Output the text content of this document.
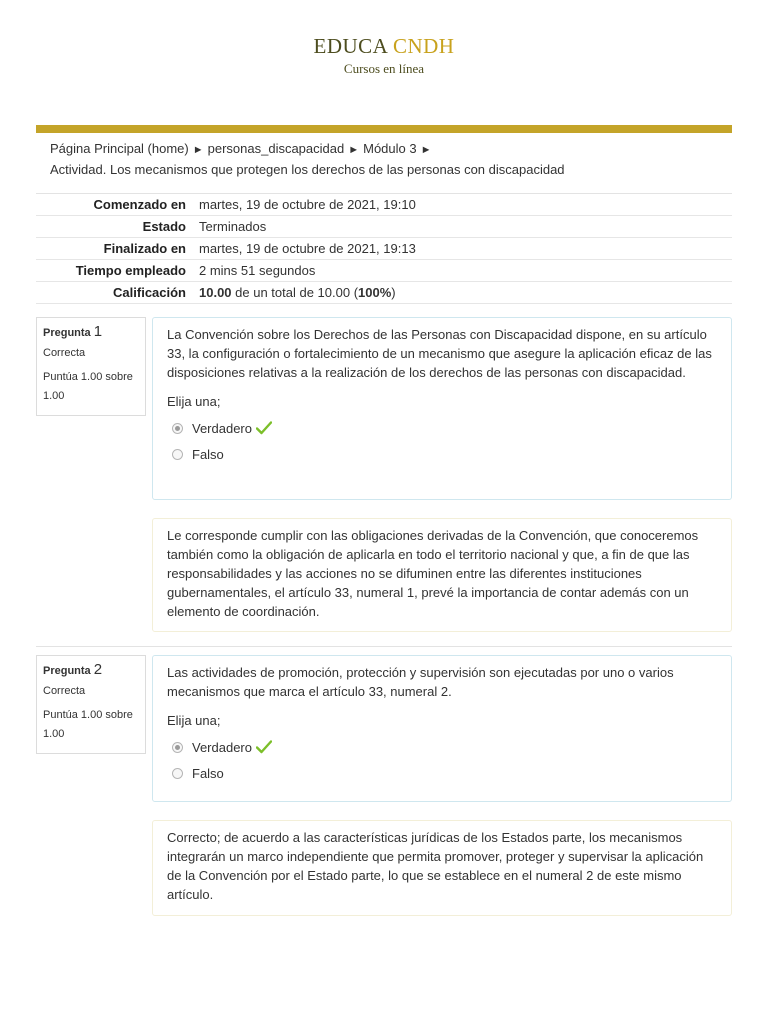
EDUCA CNDH
Cursos en línea
Página Principal (home) ► personas_discapacidad ► Módulo 3 ►
Actividad. Los mecanismos que protegen los derechos de las personas con discapacidad
Comenzado en	martes, 19 de octubre de 2021, 19:10
Estado	Terminados
Finalizado en	martes, 19 de octubre de 2021, 19:13
Tiempo empleado	2 mins 51 segundos
Calificación	10.00 de un total de 10.00 (100%)
Pregunta 1
Correcta
Puntúa 1.00 sobre 1.00
La Convención sobre los Derechos de las Personas con Discapacidad dispone, en su artículo 33, la configuración o fortalecimiento de un mecanismo que asegure la aplicación eficaz de las disposiciones relativas a la realización de los derechos de las personas con discapacidad.
Elija una;
Verdadero
Falso
Le corresponde cumplir con las obligaciones derivadas de la Convención, que conoceremos también como la obligación de aplicarla en todo el territorio nacional y que, a fin de que las responsabilidades y las acciones no se difuminen entre las diferentes instituciones gubernamentales, el artículo 33, numeral 1, prevé la importancia de contar además con un elemento de coordinación.
Pregunta 2
Correcta
Puntúa 1.00 sobre 1.00
Las actividades de promoción, protección y supervisión son ejecutadas por uno o varios mecanismos que marca el artículo 33, numeral 2.
Elija una;
Verdadero
Falso
Correcto; de acuerdo a las características jurídicas de los Estados parte, los mecanismos integrarán un marco independiente que permita promover, proteger y supervisar la aplicación de la Convención por el Estado parte, lo que se establece en el numeral 2 de este mismo artículo.
